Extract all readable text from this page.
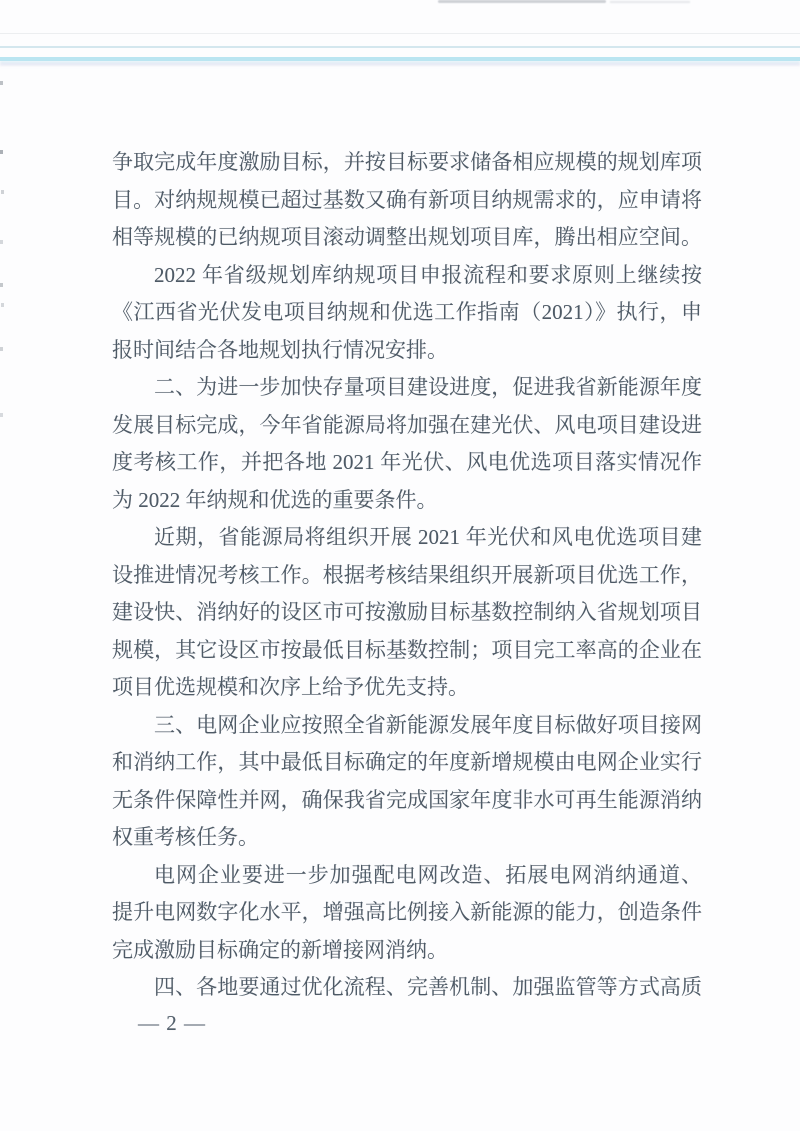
争取完成年度激励目标，并按目标要求储备相应规模的规划库项
目。对纳规规模已超过基数又确有新项目纳规需求的，应申请将
相等规模的已纳规项目滚动调整出规划项目库，腾出相应空间。
2022 年省级规划库纳规项目申报流程和要求原则上继续按
《江西省光伏发电项目纳规和优选工作指南（2021）》执行，申
报时间结合各地规划执行情况安排。
二、为进一步加快存量项目建设进度，促进我省新能源年度
发展目标完成，今年省能源局将加强在建光伏、风电项目建设进
度考核工作，并把各地 2021 年光伏、风电优选项目落实情况作
为 2022 年纳规和优选的重要条件。
近期，省能源局将组织开展 2021 年光伏和风电优选项目建
设推进情况考核工作。根据考核结果组织开展新项目优选工作，
建设快、消纳好的设区市可按激励目标基数控制纳入省规划项目
规模，其它设区市按最低目标基数控制；项目完工率高的企业在
项目优选规模和次序上给予优先支持。
三、电网企业应按照全省新能源发展年度目标做好项目接网
和消纳工作，其中最低目标确定的年度新增规模由电网企业实行
无条件保障性并网，确保我省完成国家年度非水可再生能源消纳
权重考核任务。
电网企业要进一步加强配电网改造、拓展电网消纳通道、
提升电网数字化水平，增强高比例接入新能源的能力，创造条件
完成激励目标确定的新增接网消纳。
四、各地要通过优化流程、完善机制、加强监管等方式高质
— 2 —
